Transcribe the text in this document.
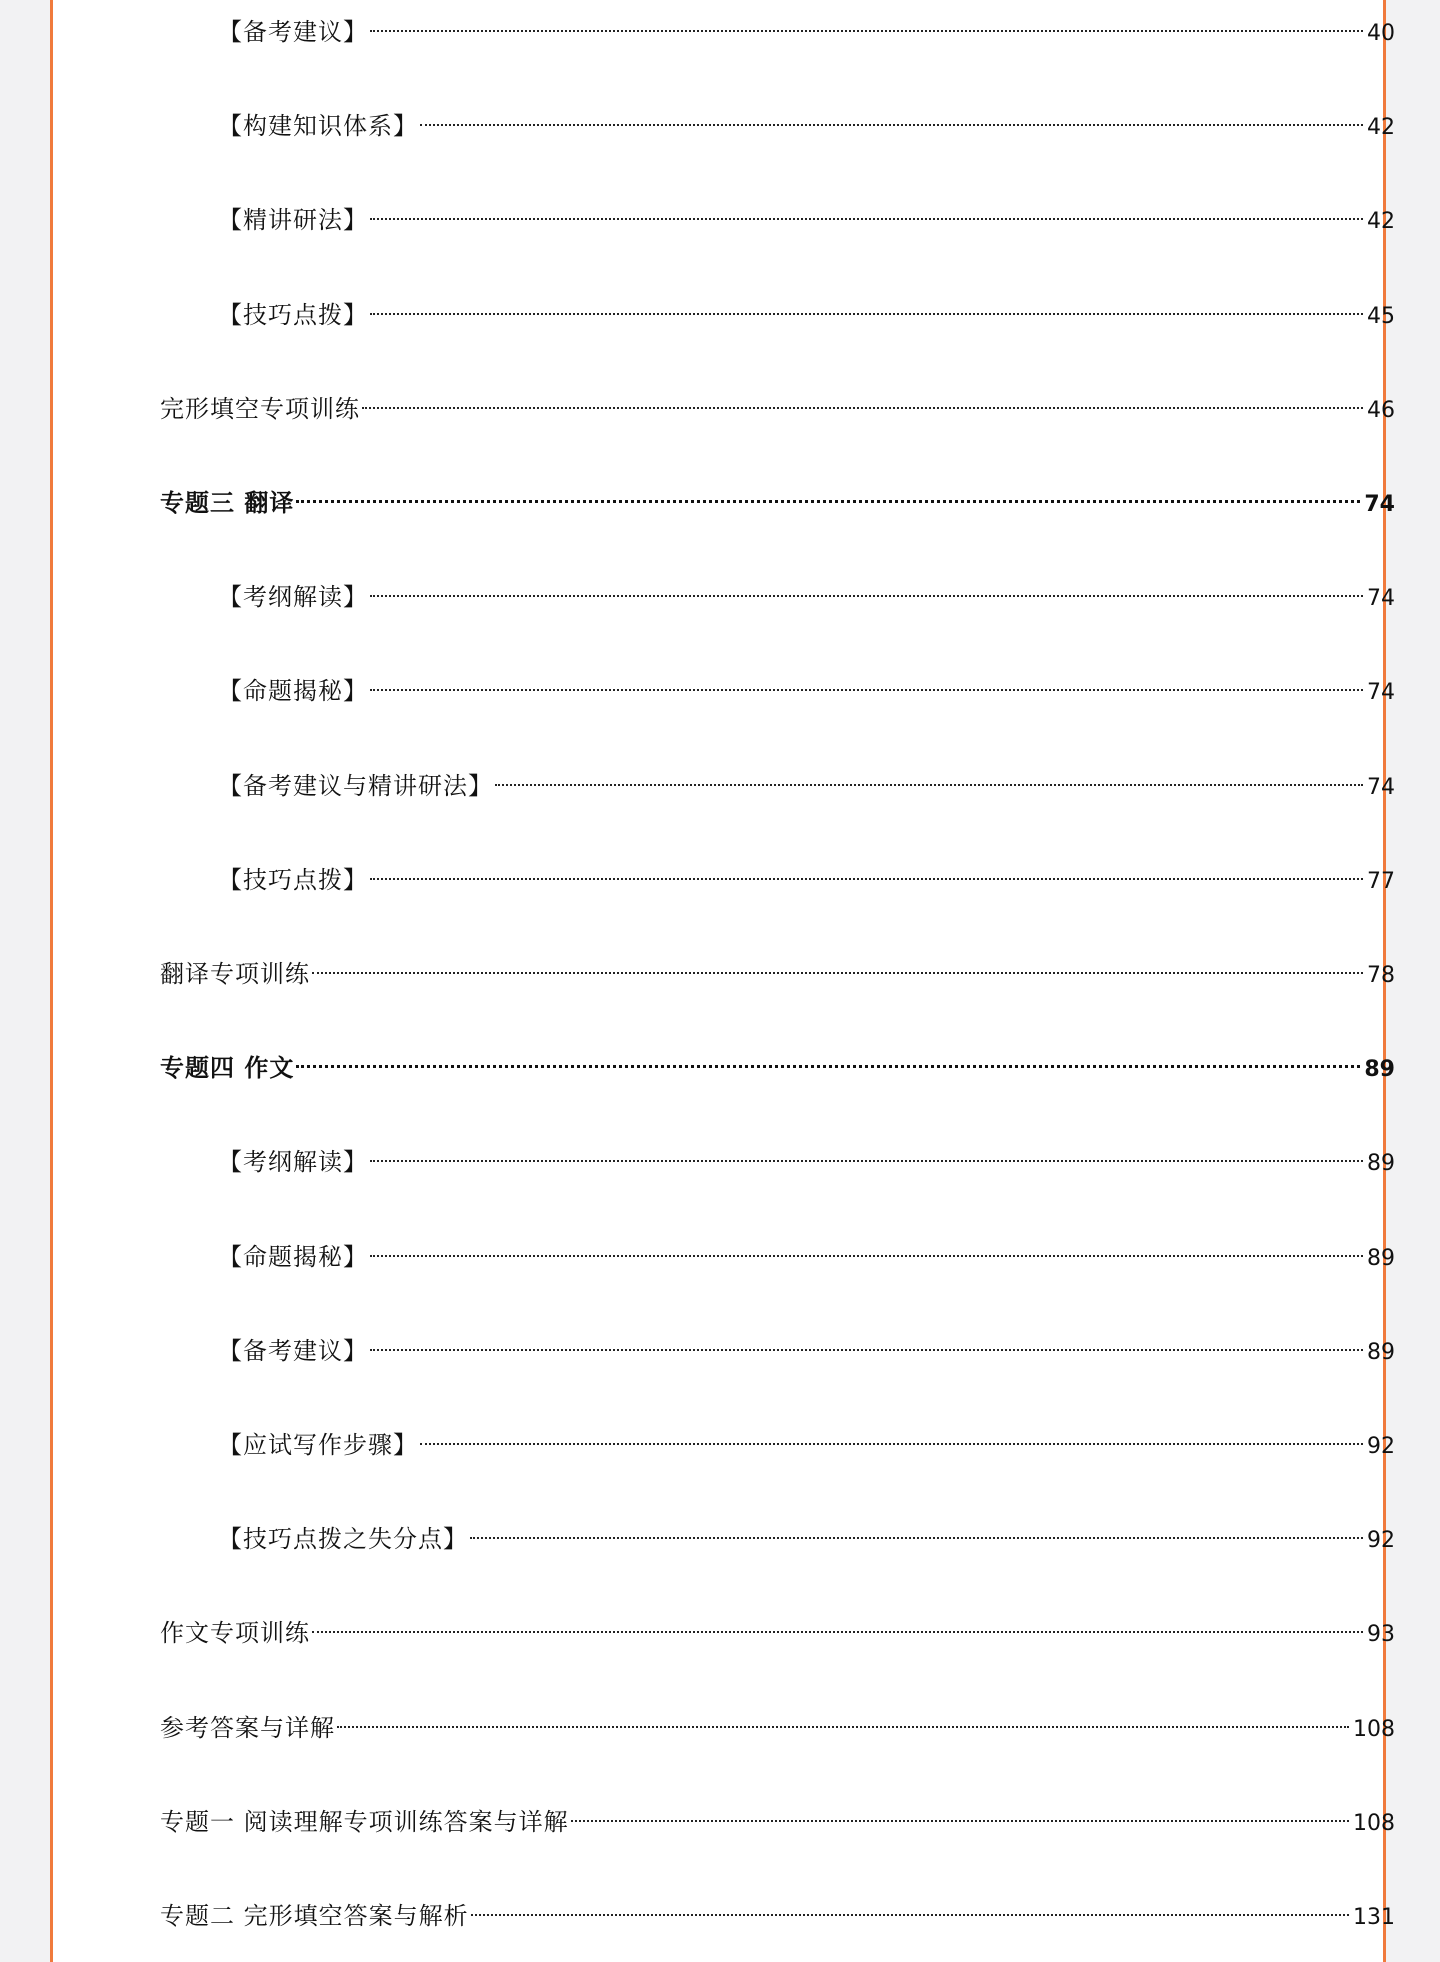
【备考建议】	40
【构建知识体系】	42
【精讲研法】	42
【技巧点拨】	45
完形填空专项训练	46
专题三 翻译	74
【考纲解读】	74
【命题揭秘】	74
【备考建议与精讲研法】	74
【技巧点拨】	77
翻译专项训练	78
专题四 作文	89
【考纲解读】	89
【命题揭秘】	89
【备考建议】	89
【应试写作步骤】	92
【技巧点拨之失分点】	92
作文专项训练	93
参考答案与详解	108
专题一 阅读理解专项训练答案与详解	108
专题二 完形填空答案与解析	131
